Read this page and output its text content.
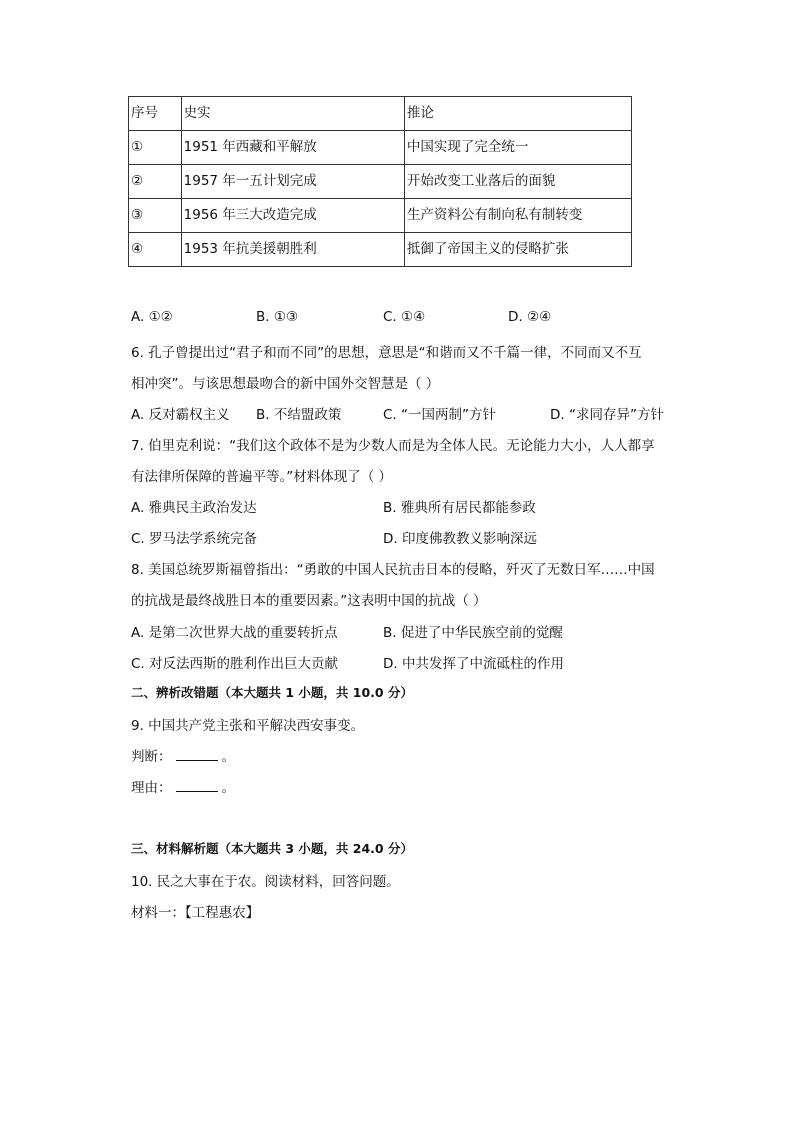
序号	史实	推论
①	1951 年西藏和平解放	中国实现了完全统一
②	1957 年一五计划完成	开始改变工业落后的面貌
③	1956 年三大改造完成	生产资料公有制向私有制转变
④	1953 年抗美援朝胜利	抵御了帝国主义的侵略扩张
A. ①②	B. ①③	C. ①④	D. ②④
6. 孔子曾提出过“君子和而不同”的思想，意思是“和谐而又不千篇一律，不同而又不互
相冲突”。与该思想最吻合的新中国外交智慧是（ ）
A. 反对霸权主义 B. 不结盟政策	C. “一国两制”方针	D. “求同存异”方针
7. 伯里克利说：“我们这个政体不是为少数人而是为全体人民。无论能力大小，人人都享
有法律所保障的普遍平等。”材料体现了（ ）
A. 雅典民主政治发达	B. 雅典所有居民都能参政
C. 罗马法学系统完备	D. 印度佛教教义影响深远
8. 美国总统罗斯福曾指出：“勇敢的中国人民抗击日本的侵略，歼灭了无数日军……中国
的抗战是最终战胜日本的重要因素。”这表明中国的抗战（ ）
A. 是第二次世界大战的重要转折点	B. 促进了中华民族空前的觉醒
C. 对反法西斯的胜利作出巨大贡献	D. 中共发挥了中流砥柱的作用
二、辨析改错题（本大题共 1 小题，共 10.0 分）
9. 中国共产党主张和平解决西安事变。
判断：	。
理由：	。
三、材料解析题（本大题共 3 小题，共 24.0 分）
10. 民之大事在于农。阅读材料，回答问题。
材料一：【工程惠农】
